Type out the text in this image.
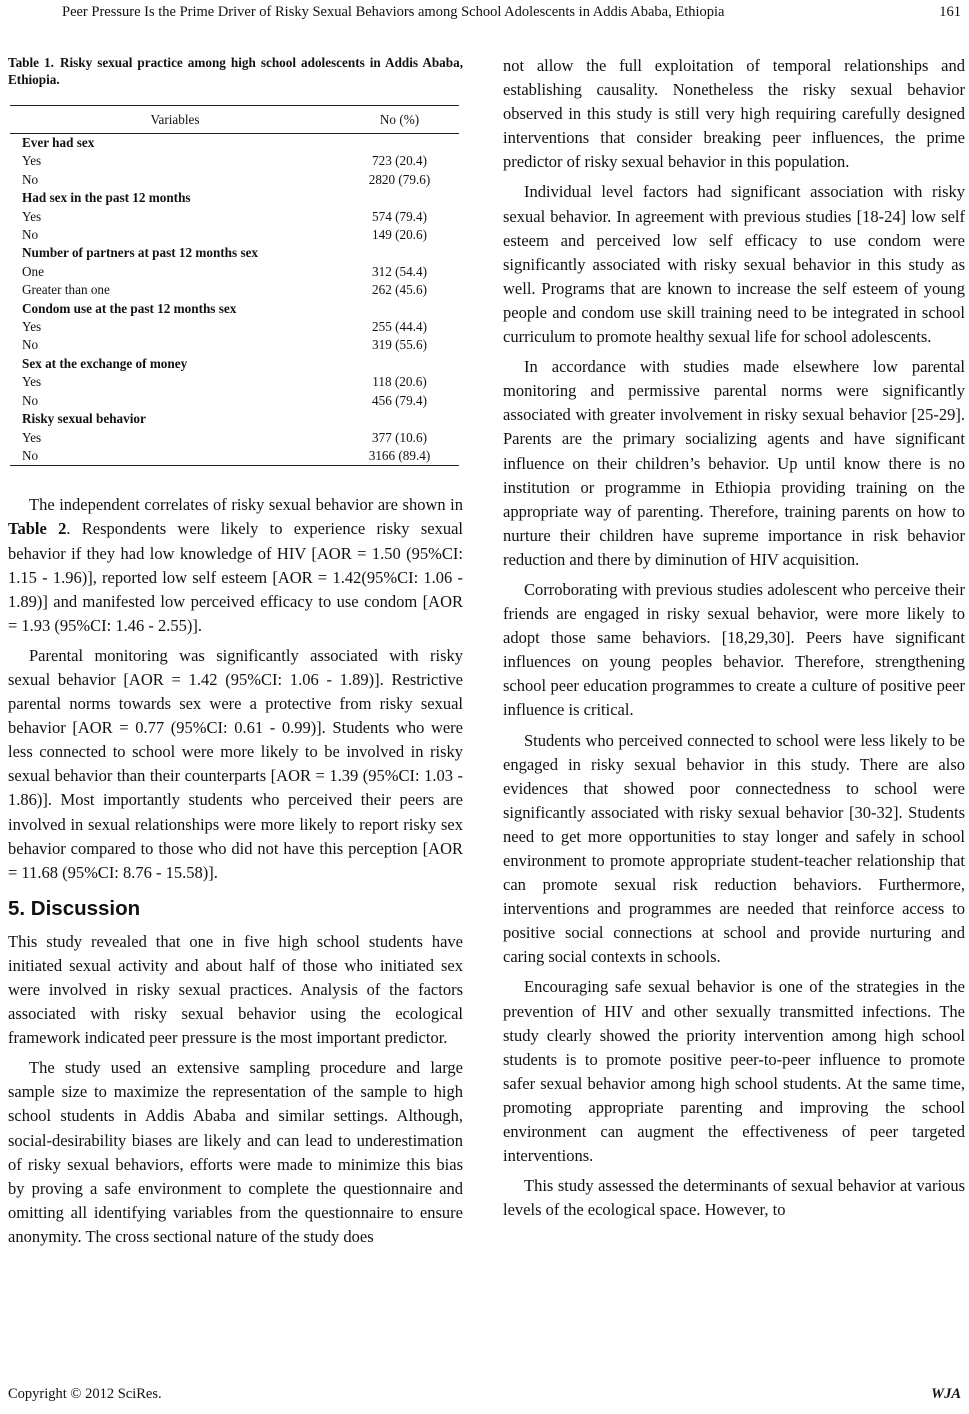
Peer Pressure Is the Prime Driver of Risky Sexual Behaviors among School Adolescents in Addis Ababa, Ethiopia	161

Table 1. Risky sexual practice among high school adolescents in Addis Ababa, Ethiopia.

Variables	No (%)
Ever had sex	
Yes	723 (20.4)
No	2820 (79.6)
Had sex in the past 12 months	
Yes	574 (79.4)
No	149 (20.6)
Number of partners at past 12 months sex	
One	312 (54.4)
Greater than one	262 (45.6)
Condom use at the past 12 months sex	
Yes	255 (44.4)
No	319 (55.6)
Sex at the exchange of money	
Yes	118 (20.6)
No	456 (79.4)
Risky sexual behavior	
Yes	377 (10.6)
No	3166 (89.4)

The independent correlates of risky sexual behavior are shown in Table 2. Respondents were likely to experience risky sexual behavior if they had low knowledge of HIV [AOR = 1.50 (95%CI: 1.15 - 1.96)], reported low self esteem [AOR = 1.42(95%CI: 1.06 - 1.89)] and manifested low perceived efficacy to use condom [AOR = 1.93 (95%CI: 1.46 - 2.55)].

Parental monitoring was significantly associated with risky sexual behavior [AOR = 1.42 (95%CI: 1.06 - 1.89)]. Restrictive parental norms towards sex were a protective from risky sexual behavior [AOR = 0.77 (95%CI: 0.61 - 0.99)]. Students who were less connected to school were more likely to be involved in risky sexual behavior than their counterparts [AOR = 1.39 (95%CI: 1.03 - 1.86)]. Most importantly students who perceived their peers are involved in sexual relationships were more likely to report risky sex behavior compared to those who did not have this perception [AOR = 11.68 (95%CI: 8.76 - 15.58)].

5. Discussion

This study revealed that one in five high school students have initiated sexual activity and about half of those who initiated sex were involved in risky sexual practices. Analysis of the factors associated with risky sexual behavior using the ecological framework indicated peer pressure is the most important predictor.

The study used an extensive sampling procedure and large sample size to maximize the representation of the sample to high school students in Addis Ababa and similar settings. Although, social-desirability biases are likely and can lead to underestimation of risky sexual behaviors, efforts were made to minimize this bias by proving a safe environment to complete the questionnaire and omitting all identifying variables from the questionnaire to ensure anonymity. The cross sectional nature of the study does

not allow the full exploitation of temporal relationships and establishing causality. Nonetheless the risky sexual behavior observed in this study is still very high requiring carefully designed interventions that consider breaking peer influences, the prime predictor of risky sexual behavior in this population.

Individual level factors had significant association with risky sexual behavior. In agreement with previous studies [18-24] low self esteem and perceived low self efficacy to use condom were significantly associated with risky sexual behavior in this study as well. Programs that are known to increase the self esteem of young people and condom use skill training need to be integrated in school curriculum to promote healthy sexual life for school adolescents.

In accordance with studies made elsewhere low parental monitoring and permissive parental norms were significantly associated with greater involvement in risky sexual behavior [25-29]. Parents are the primary socializing agents and have significant influence on their children’s behavior. Up until know there is no institution or programme in Ethiopia providing training on the appropriate way of parenting. Therefore, training parents on how to nurture their children have supreme importance in risk behavior reduction and there by diminution of HIV acquisition.

Corroborating with previous studies adolescent who perceive their friends are engaged in risky sexual behavior, were more likely to adopt those same behaviors. [18,29,30]. Peers have significant influences on young peoples behavior. Therefore, strengthening school peer education programmes to create a culture of positive peer influence is critical.

Students who perceived connected to school were less likely to be engaged in risky sexual behavior in this study. There are also evidences that showed poor connectedness to school were significantly associated with risky sexual behavior [30-32]. Students need to get more opportunities to stay longer and safely in school environment to promote appropriate student-teacher relationship that can promote sexual risk reduction behaviors. Furthermore, interventions and programmes are needed that reinforce access to positive social connections at school and provide nurturing and caring social contexts in schools.

Encouraging safe sexual behavior is one of the strategies in the prevention of HIV and other sexually transmitted infections. The study clearly showed the priority intervention among high school students is to promote positive peer-to-peer influence to promote safer sexual behavior among high school students. At the same time, promoting appropriate parenting and improving the school environment can augment the effectiveness of peer targeted interventions.

This study assessed the determinants of sexual behavior at various levels of the ecological space. However, to

Copyright © 2012 SciRes.	WJA
